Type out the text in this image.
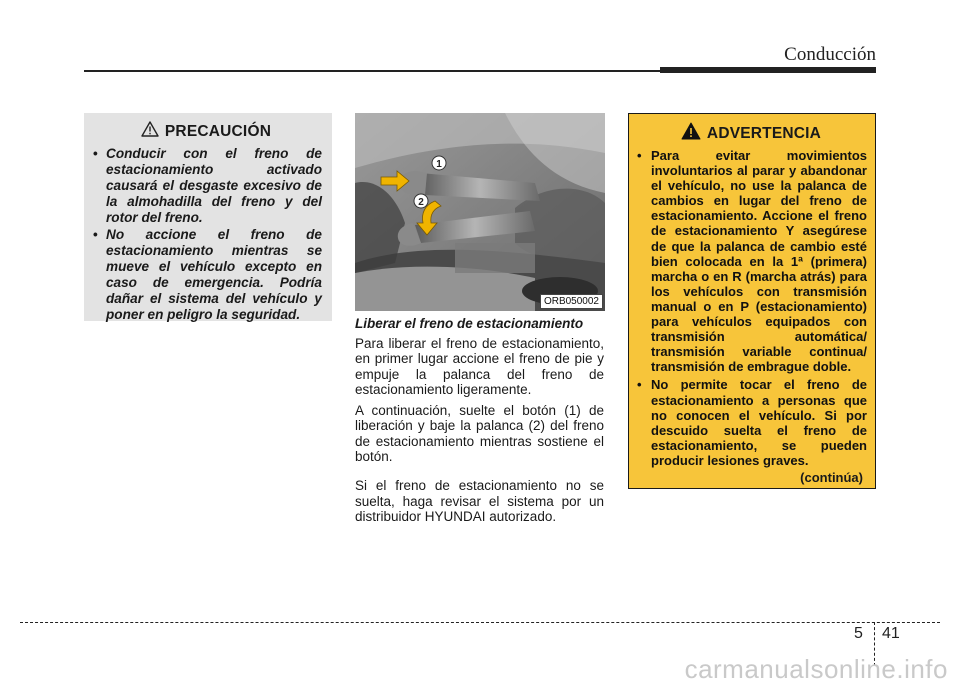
Conducción
PRECAUCIÓN
• Conducir con el freno de estacionamiento activado causará el desgaste excesivo de la almohadilla del freno y del rotor del freno.
• No accione el freno de estacionamiento mientras se mueve el vehículo excepto en caso de emergencia. Podría dañar el sistema del vehículo y poner en peligro la seguridad.
1
2
ORB050002
Liberar el freno de estacionamiento

Para liberar el freno de estacionamiento, en primer lugar accione el freno de pie y empuje la palanca del freno de estacionamiento ligeramente.

A continuación, suelte el botón (1) de liberación y baje la palanca (2) del freno de estacionamiento mientras sostiene el botón.

Si el freno de estacionamiento no se suelta, haga revisar el sistema por un distribuidor HYUNDAI autorizado.

ADVERTENCIA
• Para evitar movimientos involuntarios al parar y abandonar el vehículo, no use la palanca de cambios en lugar del freno de estacionamiento. Accione el freno de estacionamiento Y asegúrese de que la palanca de cambio esté bien colocada en la 1ª (primera) marcha o en R (marcha atrás) para los vehículos con transmisión manual o en P (estacionamiento) para vehículos equipados con transmisión automática/ transmisión variable continua/ transmisión de embrague doble.
• No permite tocar el freno de estacionamiento a personas que no conocen el vehículo. Si por descuido suelta el freno de estacionamiento, se pueden producir lesiones graves.
(continúa)
5 41
carmanualsonline.info
